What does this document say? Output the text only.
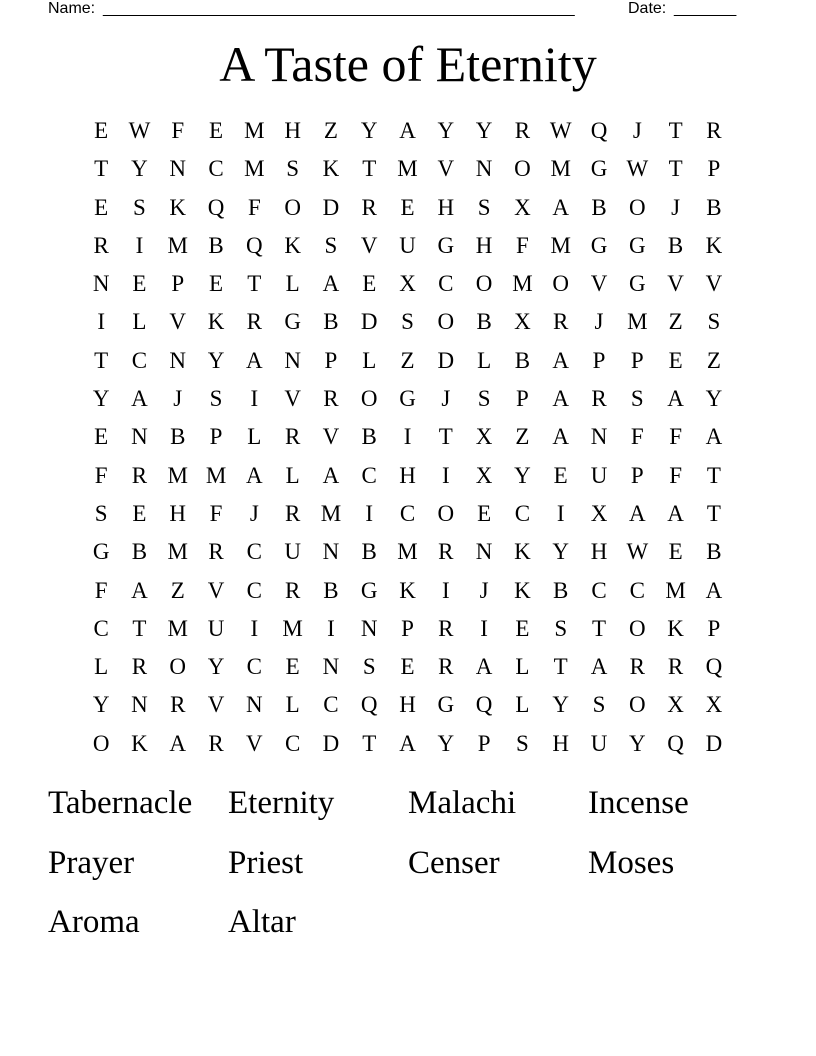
Name: _____________________________________________________	Date: _______
A Taste of Eternity
E W F	E M H Z Y A Y Y R W Q	J	T	R
T Y N C M S	K T M V N O M G W T	P
E	S	K Q	F	O D R	E H	S	X A B O	J	B
R	I	M B Q K	S	V U G H	F M G G B K
N E	P	E	T	L A E X C O M O V G V V
I	L V K R G B D	S	O B X R	J	M Z	S
T	C N Y A N	P	L	Z D L	B A	P	P	E	Z
Y A	J	S	I	V R O G	J	S	P	A R	S	A Y
E N B	P	L	R V B	I	T X Z A N	F	F	A
F	R M M A L A C H	I	X Y E U	P	F	T
S	E H	F	J	R M	I	C O E	C	I	X A A T
G B M R C U N B M R N K Y H W E	B
F	A Z V C R B G K	I	J	K B C C M A
C	T M U	I	M	I	N	P	R	I	E	S	T O K	P
L	R O Y C	E N	S	E	R A L	T A R R Q
Y N R V N L	C Q H G Q L Y	S	O X X
O K A R V C D T A Y	P	S	H U Y Q D
Tabernacle	Eternity	Malachi	Incense
Prayer	Priest	Censer	Moses
Aroma	Altar
